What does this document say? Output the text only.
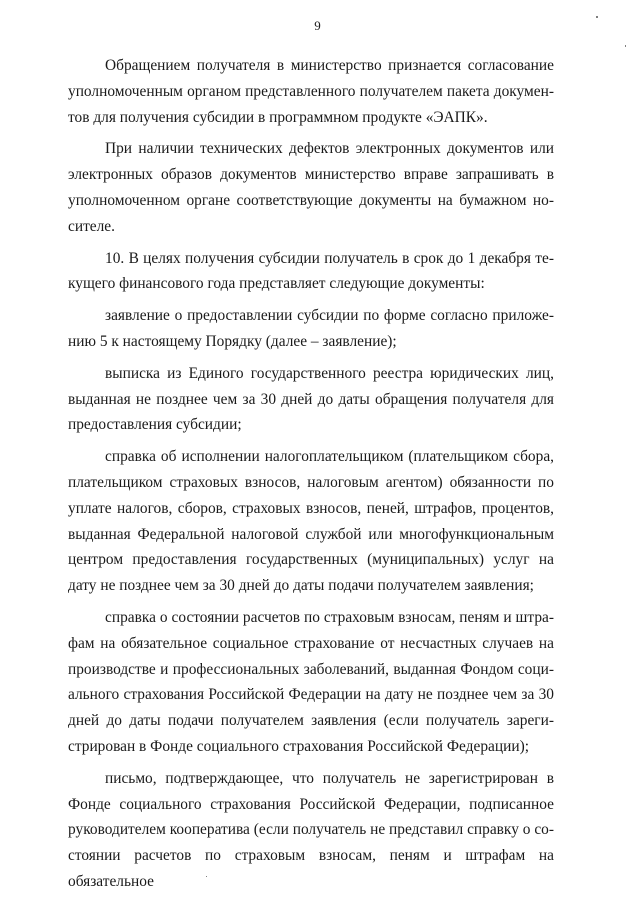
9

Обращением получателя в министерство признается согласование уполномоченным органом представленного получателем пакета документов для получения субсидии в программном продукте «ЭАПК».

При наличии технических дефектов электронных документов или электронных образов документов министерство вправе запрашивать в уполномоченном органе соответствующие документы на бумажном носителе.

10. В целях получения субсидии получатель в срок до 1 декабря текущего финансового года представляет следующие документы:

заявление о предоставлении субсидии по форме согласно приложению 5 к настоящему Порядку (далее – заявление);

выписка из Единого государственного реестра юридических лиц, выданная не позднее чем за 30 дней до даты обращения получателя для предоставления субсидии;

справка об исполнении налогоплательщиком (плательщиком сбора, плательщиком страховых взносов, налоговым агентом) обязанности по уплате налогов, сборов, страховых взносов, пеней, штрафов, процентов, выданная Федеральной налоговой службой или многофункциональным центром предоставления государственных (муниципальных) услуг на дату не позднее чем за 30 дней до даты подачи получателем заявления;

справка о состоянии расчетов по страховым взносам, пеням и штрафам на обязательное социальное страхование от несчастных случаев на производстве и профессиональных заболеваний, выданная Фондом социального страхования Российской Федерации на дату не позднее чем за 30 дней до даты подачи получателем заявления (если получатель зарегистрирован в Фонде социального страхования Российской Федерации);

письмо, подтверждающее, что получатель не зарегистрирован в Фонде социального страхования Российской Федерации, подписанное руководителем кооператива (если получатель не представил справку о состоянии расчетов по страховым взносам, пеням и штрафам на обязательное
